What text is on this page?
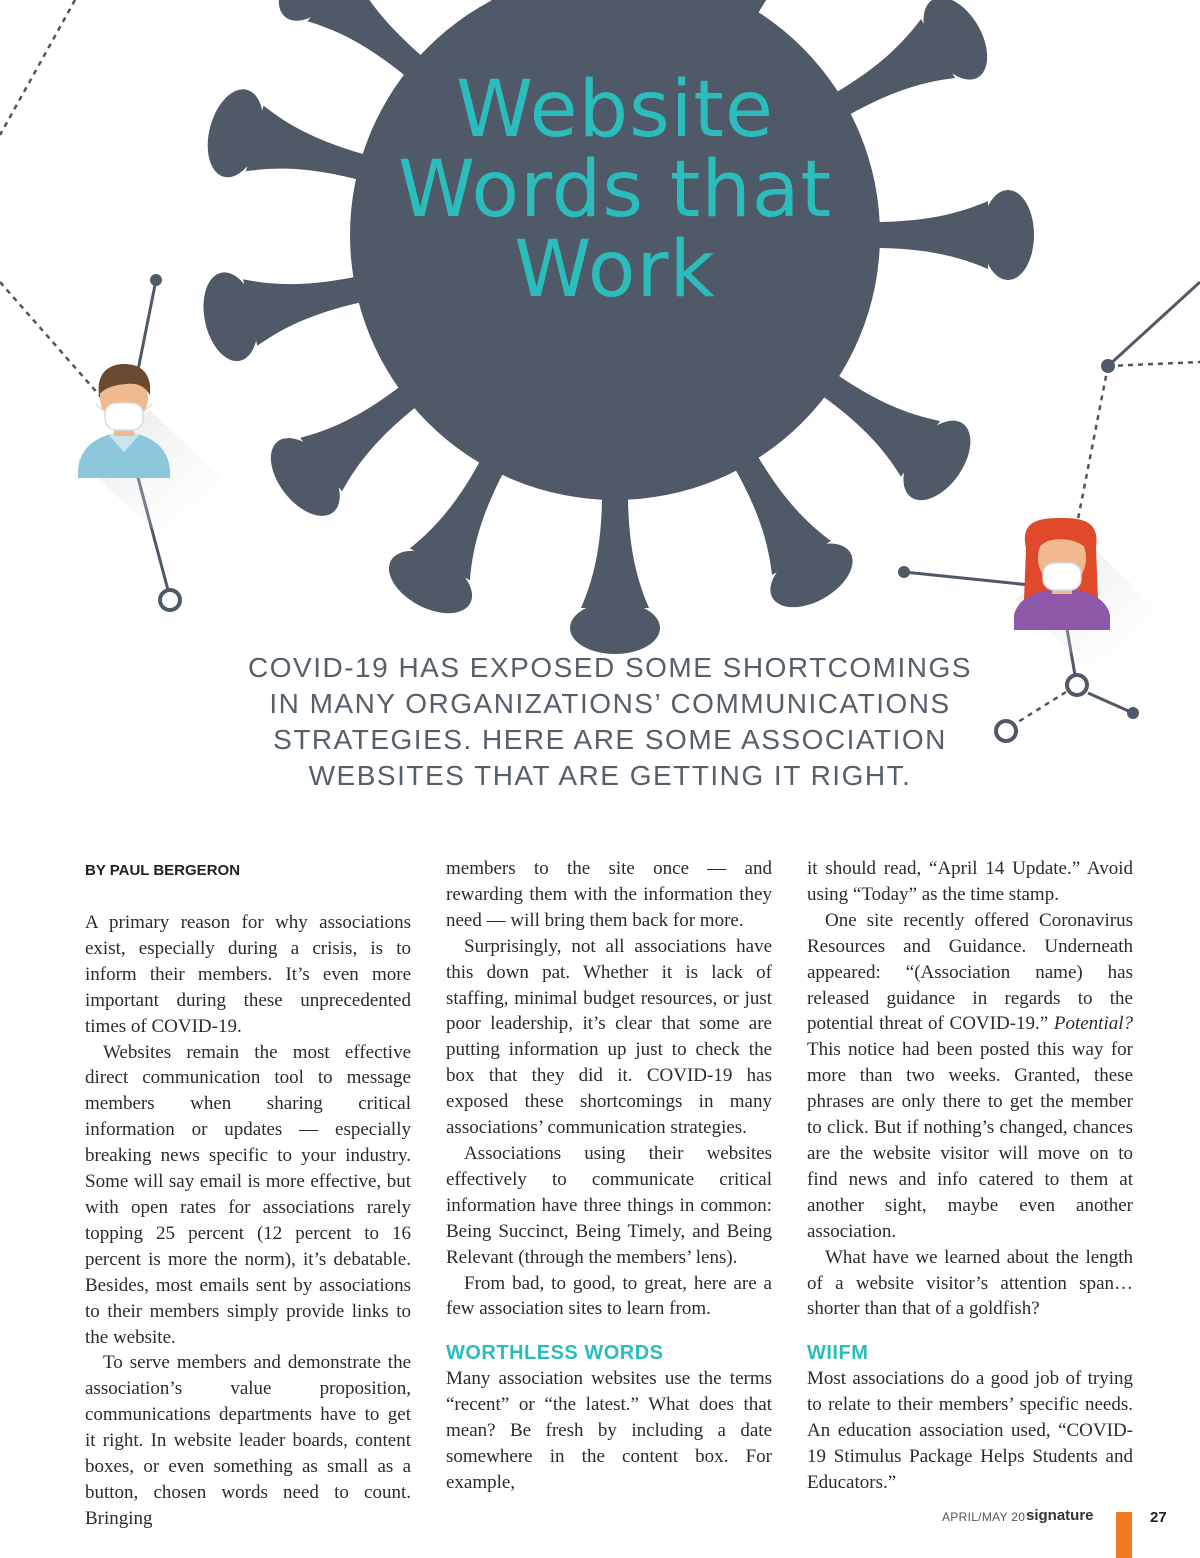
Website
Words that
Work
COVID-19 HAS EXPOSED SOME SHORTCOMINGS
IN MANY ORGANIZATIONS’ COMMUNICATIONS
STRATEGIES. HERE ARE SOME ASSOCIATION
WEBSITES THAT ARE GETTING IT RIGHT.
BY PAUL BERGERON

A primary reason for why associations exist, especially during a crisis, is to inform their members. It’s even more important during these unprecedented times of COVID-19.

Websites remain the most effective direct communication tool to message members when sharing critical information or updates — especially breaking news specific to your industry. Some will say email is more effective, but with open rates for associations rarely topping 25 percent (12 percent to 16 percent is more the norm), it’s debatable. Besides, most emails sent by associations to their members simply provide links to the website.

To serve members and demonstrate the association’s value proposition, communications departments have to get it right. In website leader boards, content boxes, or even something as small as a button, chosen words need to count. Bringing

members to the site once — and rewarding them with the information they need — will bring them back for more.

Surprisingly, not all associations have this down pat. Whether it is lack of staffing, minimal budget resources, or just poor leadership, it’s clear that some are putting information up just to check the box that they did it. COVID-19 has exposed these shortcomings in many associations’ communication strategies.

Associations using their websites effectively to communicate critical information have three things in common: Being Succinct, Being Timely, and Being Relevant (through the members’ lens).

From bad, to good, to great, here are a few association sites to learn from.

WORTHLESS WORDS

Many association websites use the terms “recent” or “the latest.” What does that mean? Be fresh by including a date somewhere in the content box. For example,

it should read, “April 14 Update.” Avoid using “Today” as the time stamp.

One site recently offered Coronavirus Resources and Guidance. Underneath appeared: “(Association name) has released guidance in regards to the potential threat of COVID-19.” Potential? This notice had been posted this way for more than two weeks. Granted, these phrases are only there to get the member to click. But if nothing’s changed, chances are the website visitor will move on to find news and info catered to them at another sight, maybe even another association.

What have we learned about the length of a website visitor’s attention span… shorter than that of a goldfish?

WIIFM

Most associations do a good job of trying to relate to their members’ specific needs. An education association used, “COVID-19 Stimulus Package Helps Students and Educators.”

APRIL/MAY 20 signature	27
